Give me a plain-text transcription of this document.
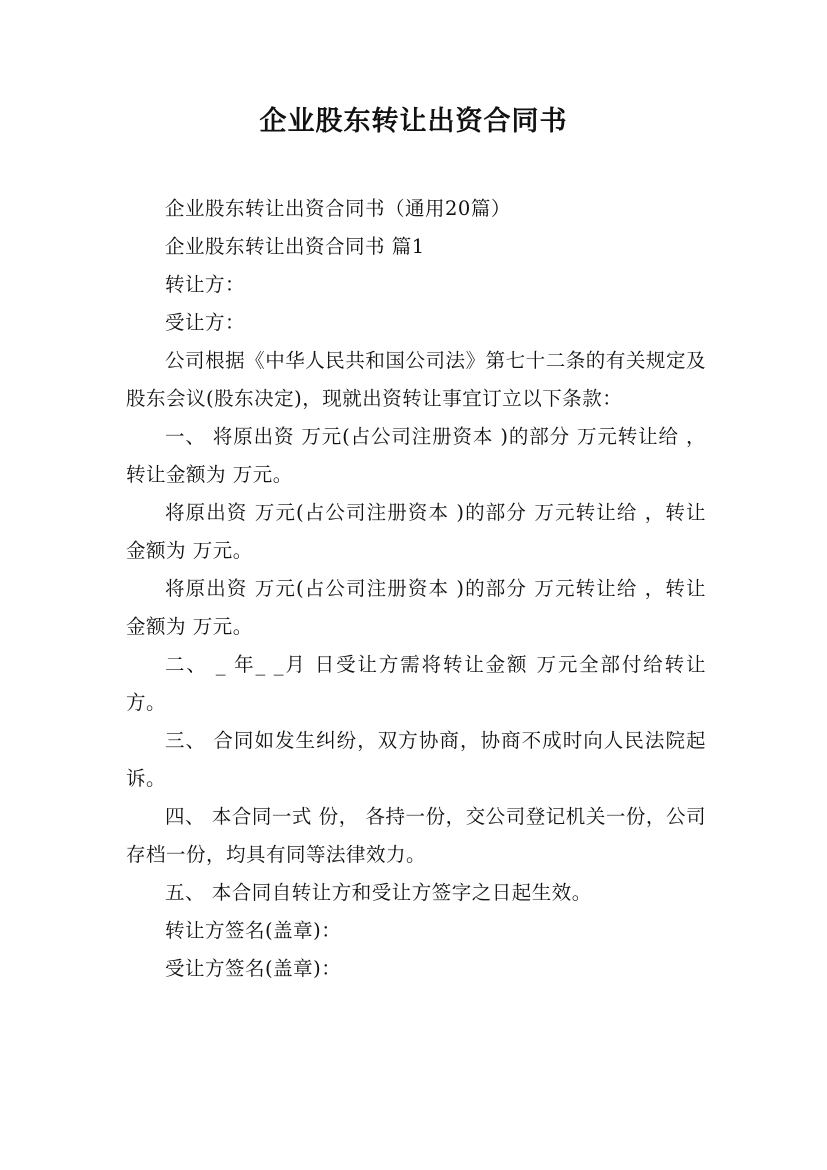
企业股东转让出资合同书

企业股东转让出资合同书（通用20篇）

企业股东转让出资合同书 篇1

转让方：

受让方：

公司根据《中华人民共和国公司法》第七十二条的有关规定及股东会议(股东决定)，现就出资转让事宜订立以下条款：

一、 将原出资 万元(占公司注册资本 )的部分 万元转让给 ，转让金额为 万元。

将原出资 万元(占公司注册资本 )的部分 万元转让给 ，转让金额为 万元。

将原出资 万元(占公司注册资本 )的部分 万元转让给 ，转让金额为 万元。

二、 _ 年_ _月 日受让方需将转让金额 万元全部付给转让方。

三、 合同如发生纠纷，双方协商，协商不成时向人民法院起诉。

四、 本合同一式 份， 各持一份，交公司登记机关一份，公司存档一份，均具有同等法律效力。

五、 本合同自转让方和受让方签字之日起生效。

转让方签名(盖章)：

受让方签名(盖章)：
